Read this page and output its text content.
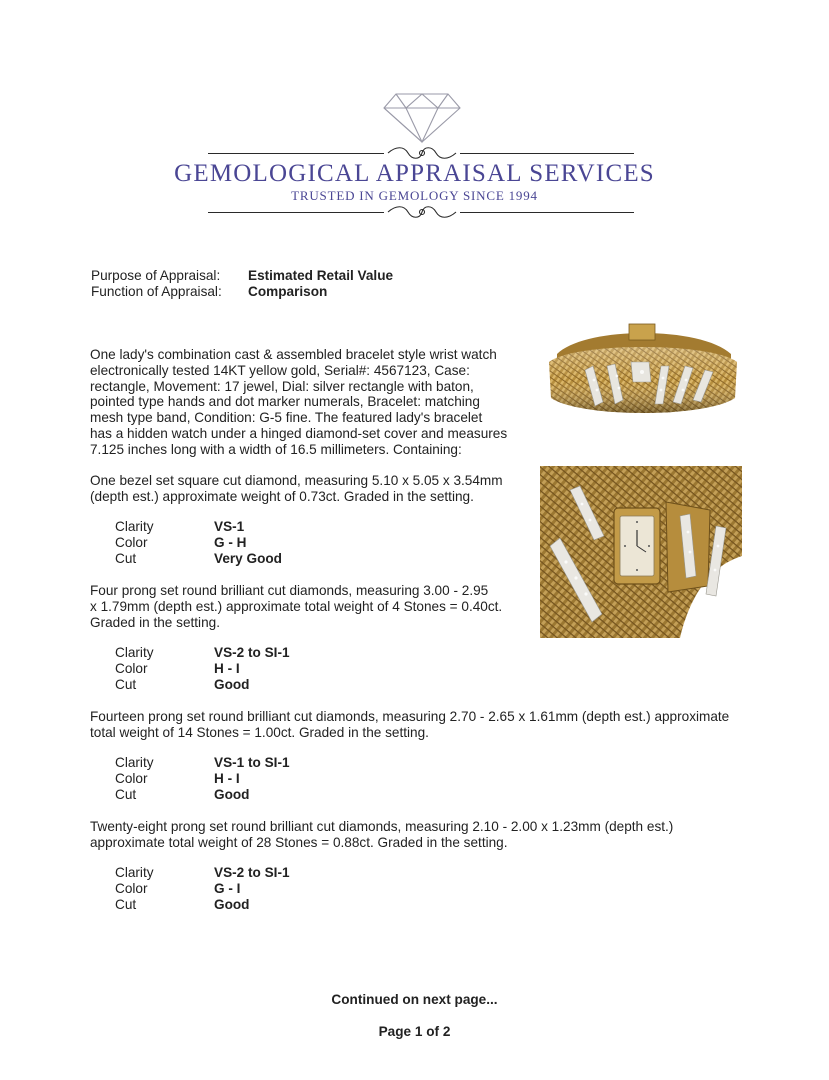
GEMOLOGICAL APPRAISAL SERVICES
TRUSTED IN GEMOLOGY SINCE 1994
Purpose of Appraisal: Estimated Retail Value
Function of Appraisal: Comparison
One lady's combination cast & assembled bracelet style wrist watch
electronically tested 14KT yellow gold, Serial#: 4567123, Case:
rectangle, Movement: 17 jewel, Dial: silver rectangle with baton,
pointed type hands and dot marker numerals, Bracelet: matching
mesh type band, Condition: G-5 fine. The featured lady's bracelet
has a hidden watch under a hinged diamond-set cover and measures
7.125 inches long with a width of 16.5 millimeters. Containing:
One bezel set square cut diamond, measuring 5.10 x 5.05 x 3.54mm
(depth est.) approximate weight of 0.73ct. Graded in the setting.
Clarity
Color
Cut
VS-1
G - H
Very Good
Four prong set round brilliant cut diamonds, measuring 3.00 - 2.95
x 1.79mm (depth est.) approximate total weight of 4 Stones = 0.40ct.
Graded in the setting.
Clarity
Color
Cut
VS-2 to SI-1
H - I
Good
Fourteen prong set round brilliant cut diamonds, measuring 2.70 - 2.65 x 1.61mm (depth est.) approximate
total weight of 14 Stones = 1.00ct. Graded in the setting.
Clarity
Color
Cut
VS-1 to SI-1
H - I
Good
Twenty-eight prong set round brilliant cut diamonds, measuring 2.10 - 2.00 x 1.23mm (depth est.)
approximate total weight of 28 Stones = 0.88ct. Graded in the setting.
Clarity
Color
Cut
VS-2 to SI-1
G - I
Good
Continued on next page...
Page 1 of 2
